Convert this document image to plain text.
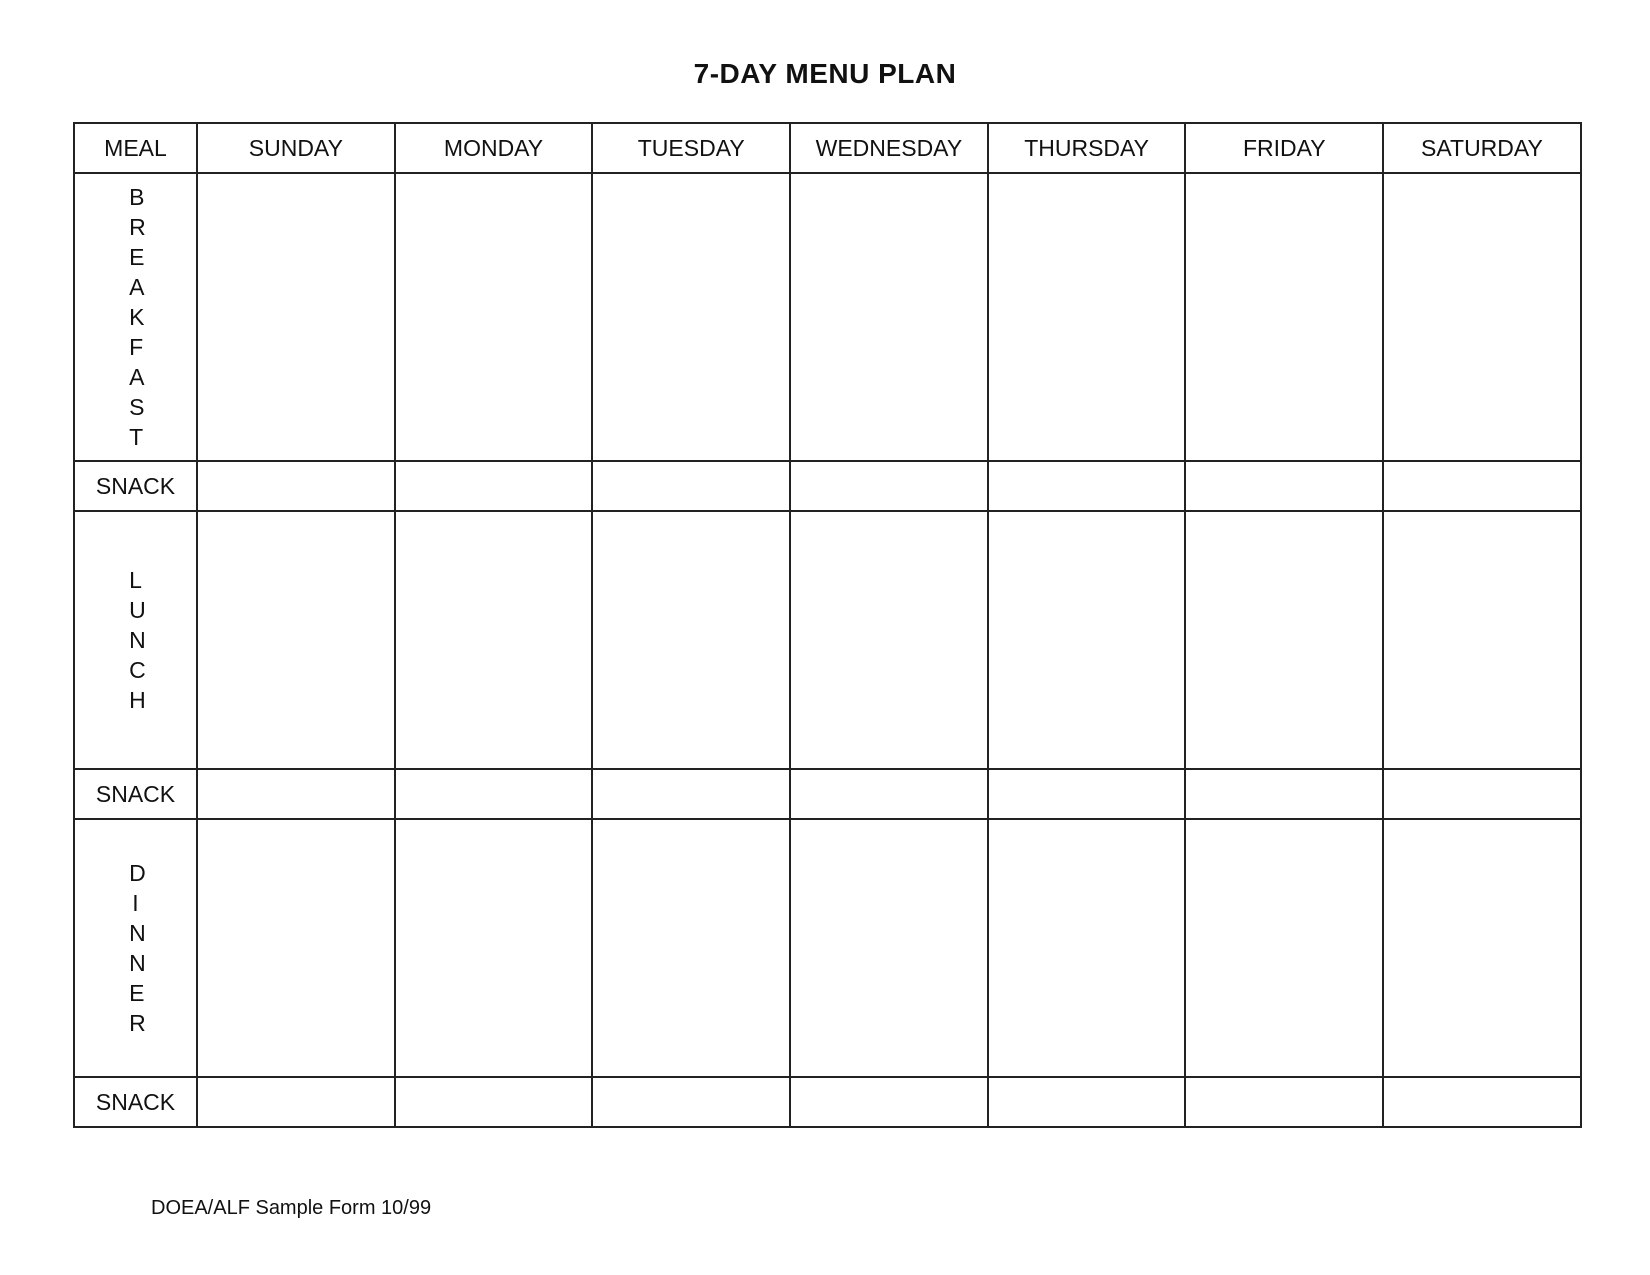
7-DAY MENU PLAN
MEAL	SUNDAY	MONDAY	TUESDAY	WEDNESDAY	THURSDAY	FRIDAY	SATURDAY
BREAKFAST							
SNACK							
LUNCH							
SNACK							
DINNER							
SNACK							
DOEA/ALF Sample Form 10/99
